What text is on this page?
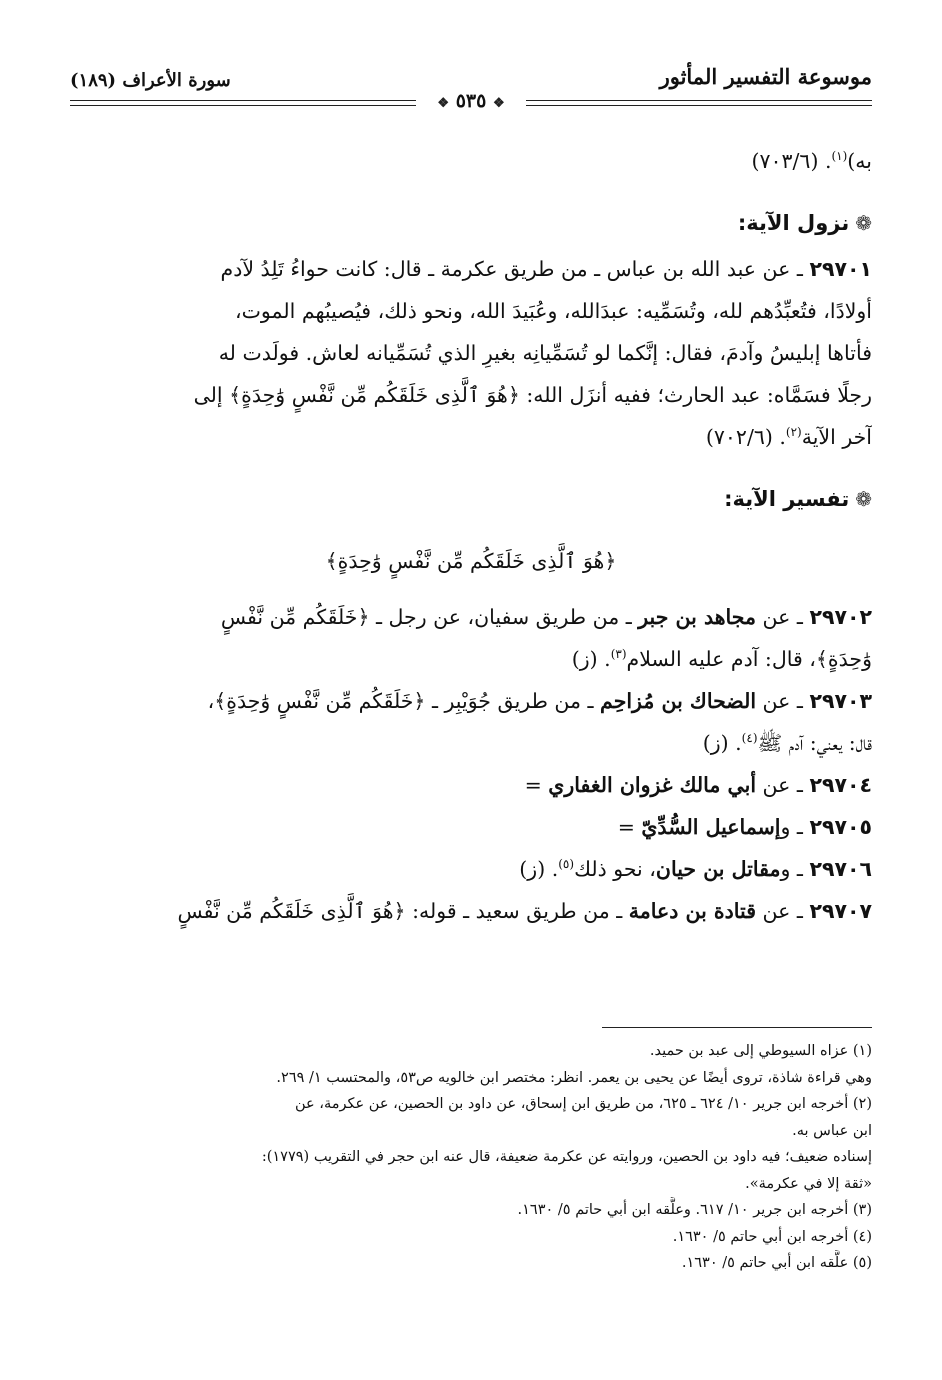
موسوعة التفسير المأثور
سورة الأعراف (١٨٩)
❖ ٥٣٥ ❖
به)$^{(١)}$. (٧٠٣/٦)
❁نزول الآية:
٢٩٧٠١ ـ عن عبد الله بن عباس ـ من طريق عكرمة ـ قال: كانت حواءُ تَلِدُ لآدم
أولادًا، فتُعبِّدُهم لله، وتُسَمِّيه: عبدَالله، وعُبَيدَ الله، ونحو ذلك، فيُصيبُهم الموت،
فأتاها إبليسُ وآدمَ، فقال: إنَّكما لو تُسَمِّيانِه بغيرِ الذي تُسَمِّيانه لعاش. فولَدت له
رجلًا فسَمَّاه: عبد الحارث؛ ففيه أنزَل الله: ﴿هُوَ ٱلَّذِى خَلَقَكُم مِّن نَّفْسٍ وَٰحِدَةٍ﴾ إلى
آخر الآية$^{(٢)}$. (٧٠٢/٦)
❁تفسير الآية:
﴿هُوَ ٱلَّذِى خَلَقَكُم مِّن نَّفْسٍ وَٰحِدَةٍ﴾
٢٩٧٠٢ ـ عن مجاهد بن جبر ـ من طريق سفيان، عن رجل ـ ﴿خَلَقَكُم مِّن نَّفْسٍ
وَٰحِدَةٍ﴾، قال: آدم عليه السلام$^{(٣)}$. (ز)
٢٩٧٠٣ ـ عن الضحاك بن مُزاحِم ـ من طريق جُوَيْبِر ـ ﴿خَلَقَكُم مِّن نَّفْسٍ وَٰحِدَةٍ﴾،
قال: يعني: آدم ﷺ$^{(٤)}$. (ز)
٢٩٧٠٤ ـ عن أبي مالك غزوان الغفاري =
٢٩٧٠٥ ـ وإسماعيل السُّدِّيّ =
٢٩٧٠٦ ـ ومقاتل بن حيان، نحو ذلك$^{(٥)}$. (ز)
٢٩٧٠٧ ـ عن قتادة بن دعامة ـ من طريق سعيد ـ قوله: ﴿هُوَ ٱلَّذِى خَلَقَكُم مِّن نَّفْسٍ
(١) عزاه السيوطي إلى عبد بن حميد.
وهي قراءة شاذة، تروى أيضًا عن يحيى بن يعمر. انظر: مختصر ابن خالويه ص٥٣، والمحتسب ١/ ٢٦٩.
(٢) أخرجه ابن جرير ١٠/ ٦٢٤ ـ ٦٢٥، من طريق ابن إسحاق، عن داود بن الحصين، عن عكرمة، عن
ابن عباس به.
إسناده ضعيف؛ فيه داود بن الحصين، وروايته عن عكرمة ضعيفة، قال عنه ابن حجر في التقريب (١٧٧٩):
«ثقة إلا في عكرمة».
(٣) أخرجه ابن جرير ١٠/ ٦١٧. وعلَّقه ابن أبي حاتم ٥/ ١٦٣٠.
(٤) أخرجه ابن أبي حاتم ٥/ ١٦٣٠.
(٥) علَّقه ابن أبي حاتم ٥/ ١٦٣٠.
